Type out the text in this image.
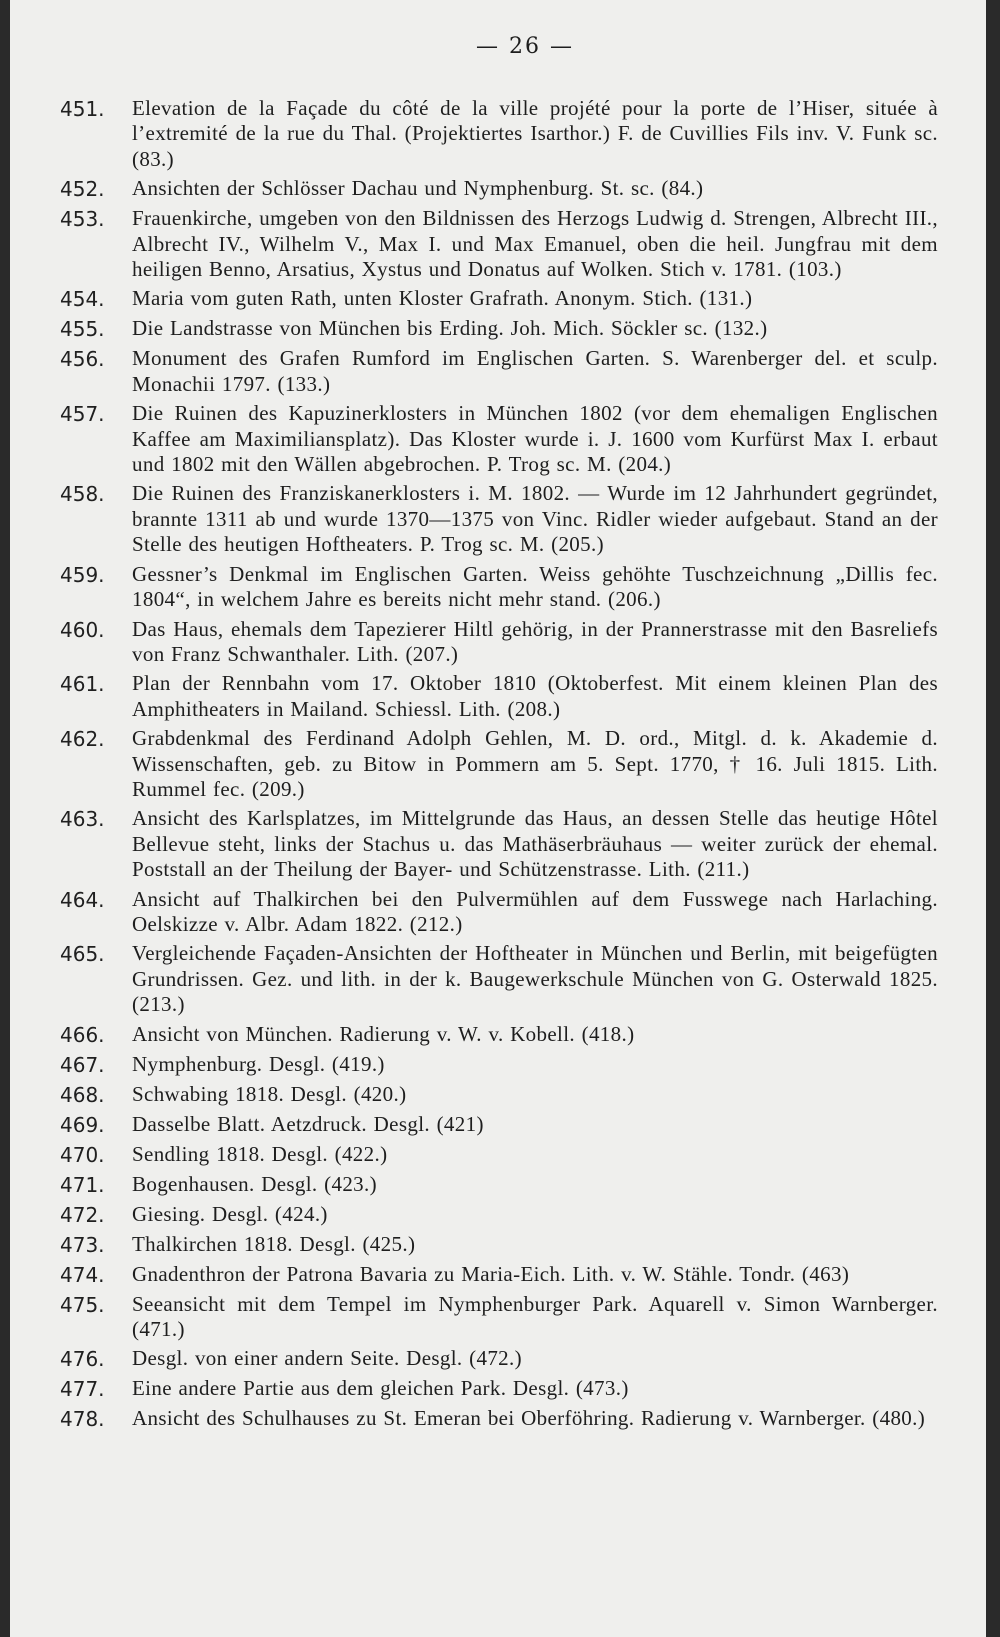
— 26 —
451.	Elevation de la Façade du côté de la ville projété pour la porte de l’Hiser, située à l’extremité de la rue du Thal. (Projektiertes Isarthor.) F. de Cuvillies Fils inv. V. Funk sc. (83.)
452.	Ansichten der Schlösser Dachau und Nymphenburg. St. sc. (84.)
453.	Frauenkirche, umgeben von den Bildnissen des Herzogs Ludwig d. Strengen, Albrecht III., Albrecht IV., Wilhelm V., Max I. und Max Emanuel, oben die heil. Jungfrau mit dem heiligen Benno, Arsatius, Xystus und Donatus auf Wolken. Stich v. 1781. (103.)
454.	Maria vom guten Rath, unten Kloster Grafrath. Anonym. Stich. (131.)
455.	Die Landstrasse von München bis Erding. Joh. Mich. Söckler sc. (132.)
456.	Monument des Grafen Rumford im Englischen Garten. S. Warenberger del. et sculp. Monachii 1797. (133.)
457.	Die Ruinen des Kapuzinerklosters in München 1802 (vor dem ehemaligen Englischen Kaffee am Maximiliansplatz). Das Kloster wurde i. J. 1600 vom Kurfürst Max I. erbaut und 1802 mit den Wällen abgebrochen. P. Trog sc. M. (204.)
458.	Die Ruinen des Franziskanerklosters i. M. 1802. — Wurde im 12 Jahrhundert gegründet, brannte 1311 ab und wurde 1370—1375 von Vinc. Ridler wieder aufgebaut. Stand an der Stelle des heutigen Hoftheaters. P. Trog sc. M. (205.)
459.	Gessner’s Denkmal im Englischen Garten. Weiss gehöhte Tuschzeichnung „Dillis fec. 1804“, in welchem Jahre es bereits nicht mehr stand. (206.)
460.	Das Haus, ehemals dem Tapezierer Hiltl gehörig, in der Prannerstrasse mit den Basreliefs von Franz Schwanthaler. Lith. (207.)
461.	Plan der Rennbahn vom 17. Oktober 1810 (Oktoberfest. Mit einem kleinen Plan des Amphitheaters in Mailand. Schiessl. Lith. (208.)
462.	Grabdenkmal des Ferdinand Adolph Gehlen, M. D. ord., Mitgl. d. k. Akademie d. Wissenschaften, geb. zu Bitow in Pommern am 5. Sept. 1770, † 16. Juli 1815. Lith. Rummel fec. (209.)
463.	Ansicht des Karlsplatzes, im Mittelgrunde das Haus, an dessen Stelle das heutige Hôtel Bellevue steht, links der Stachus u. das Mathäserbräuhaus — weiter zurück der ehemal. Poststall an der Theilung der Bayer- und Schützenstrasse. Lith. (211.)
464.	Ansicht auf Thalkirchen bei den Pulvermühlen auf dem Fusswege nach Harlaching. Oelskizze v. Albr. Adam 1822. (212.)
465.	Vergleichende Façaden-Ansichten der Hoftheater in München und Berlin, mit beigefügten Grundrissen. Gez. und lith. in der k. Baugewerkschule München von G. Osterwald 1825. (213.)
466.	Ansicht von München. Radierung v. W. v. Kobell. (418.)
467.	Nymphenburg. Desgl. (419.)
468.	Schwabing 1818. Desgl. (420.)
469.	Dasselbe Blatt. Aetzdruck. Desgl. (421)
470.	Sendling 1818. Desgl. (422.)
471.	Bogenhausen. Desgl. (423.)
472.	Giesing. Desgl. (424.)
473.	Thalkirchen 1818. Desgl. (425.)
474.	Gnadenthron der Patrona Bavaria zu Maria-Eich. Lith. v. W. Stähle. Tondr. (463)
475.	Seeansicht mit dem Tempel im Nymphenburger Park. Aquarell v. Simon Warnberger. (471.)
476.	Desgl. von einer andern Seite. Desgl. (472.)
477.	Eine andere Partie aus dem gleichen Park. Desgl. (473.)
478.	Ansicht des Schulhauses zu St. Emeran bei Oberföhring. Radierung v. Warnberger. (480.)
